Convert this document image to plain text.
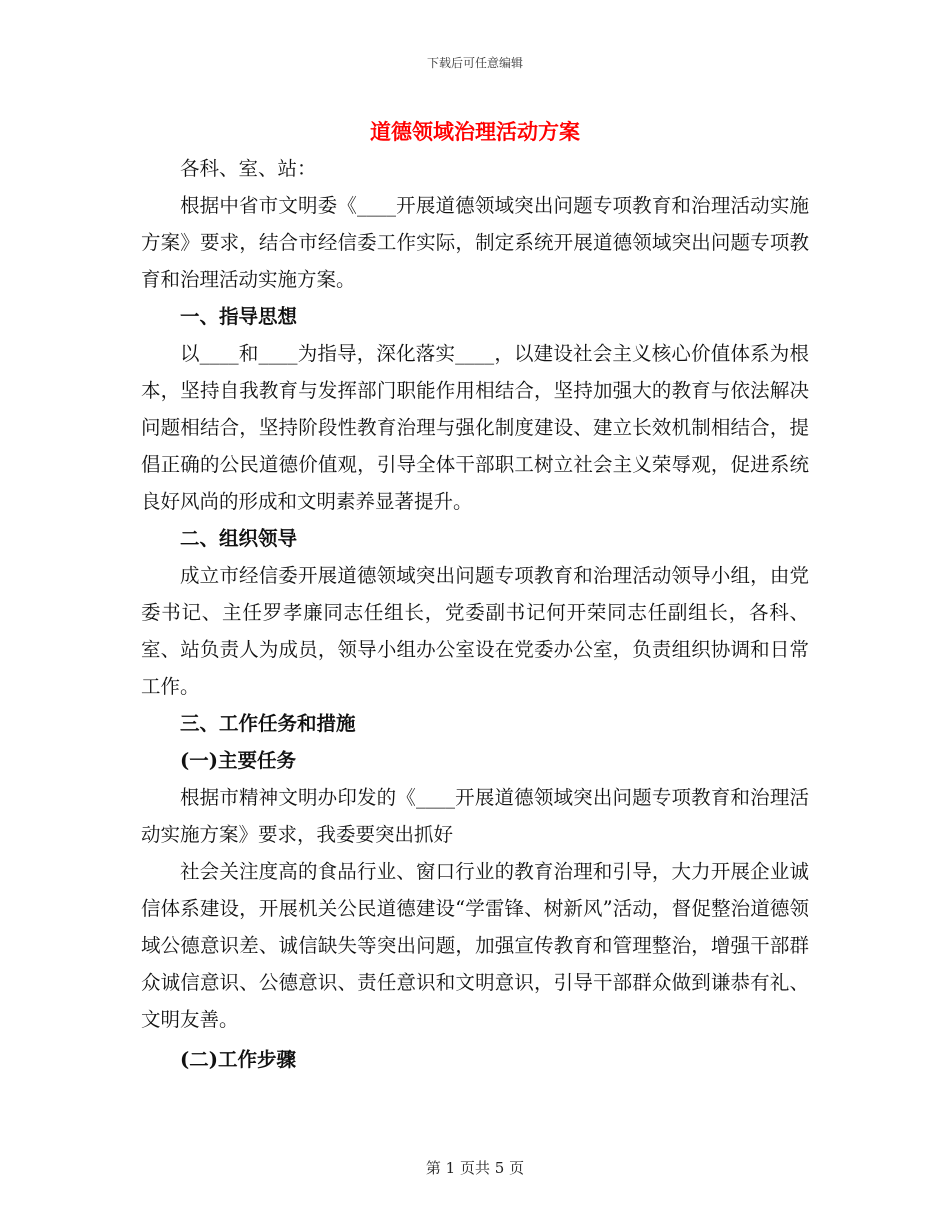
下载后可任意编辑
道德领域治理活动方案

各科、室、站：

根据中省市文明委《____开展道德领域突出问题专项教育和治理活动实施方案》要求，结合市经信委工作实际，制定系统开展道德领域突出问题专项教育和治理活动实施方案。

一、指导思想

以____和____为指导，深化落实____，以建设社会主义核心价值体系为根本，坚持自我教育与发挥部门职能作用相结合，坚持加强大的教育与依法解决问题相结合，坚持阶段性教育治理与强化制度建设、建立长效机制相结合，提倡正确的公民道德价值观，引导全体干部职工树立社会主义荣辱观，促进系统良好风尚的形成和文明素养显著提升。

二、组织领导

成立市经信委开展道德领域突出问题专项教育和治理活动领导小组，由党委书记、主任罗孝廉同志任组长，党委副书记何开荣同志任副组长，各科、室、站负责人为成员，领导小组办公室设在党委办公室，负责组织协调和日常工作。

三、工作任务和措施

(一)主要任务

根据市精神文明办印发的《____开展道德领域突出问题专项教育和治理活动实施方案》要求，我委要突出抓好

社会关注度高的食品行业、窗口行业的教育治理和引导，大力开展企业诚信体系建设，开展机关公民道德建设“学雷锋、树新风”活动，督促整治道德领域公德意识差、诚信缺失等突出问题，加强宣传教育和管理整治，增强干部群众诚信意识、公德意识、责任意识和文明意识，引导干部群众做到谦恭有礼、文明友善。

(二)工作步骤

第 1 页共 5 页
